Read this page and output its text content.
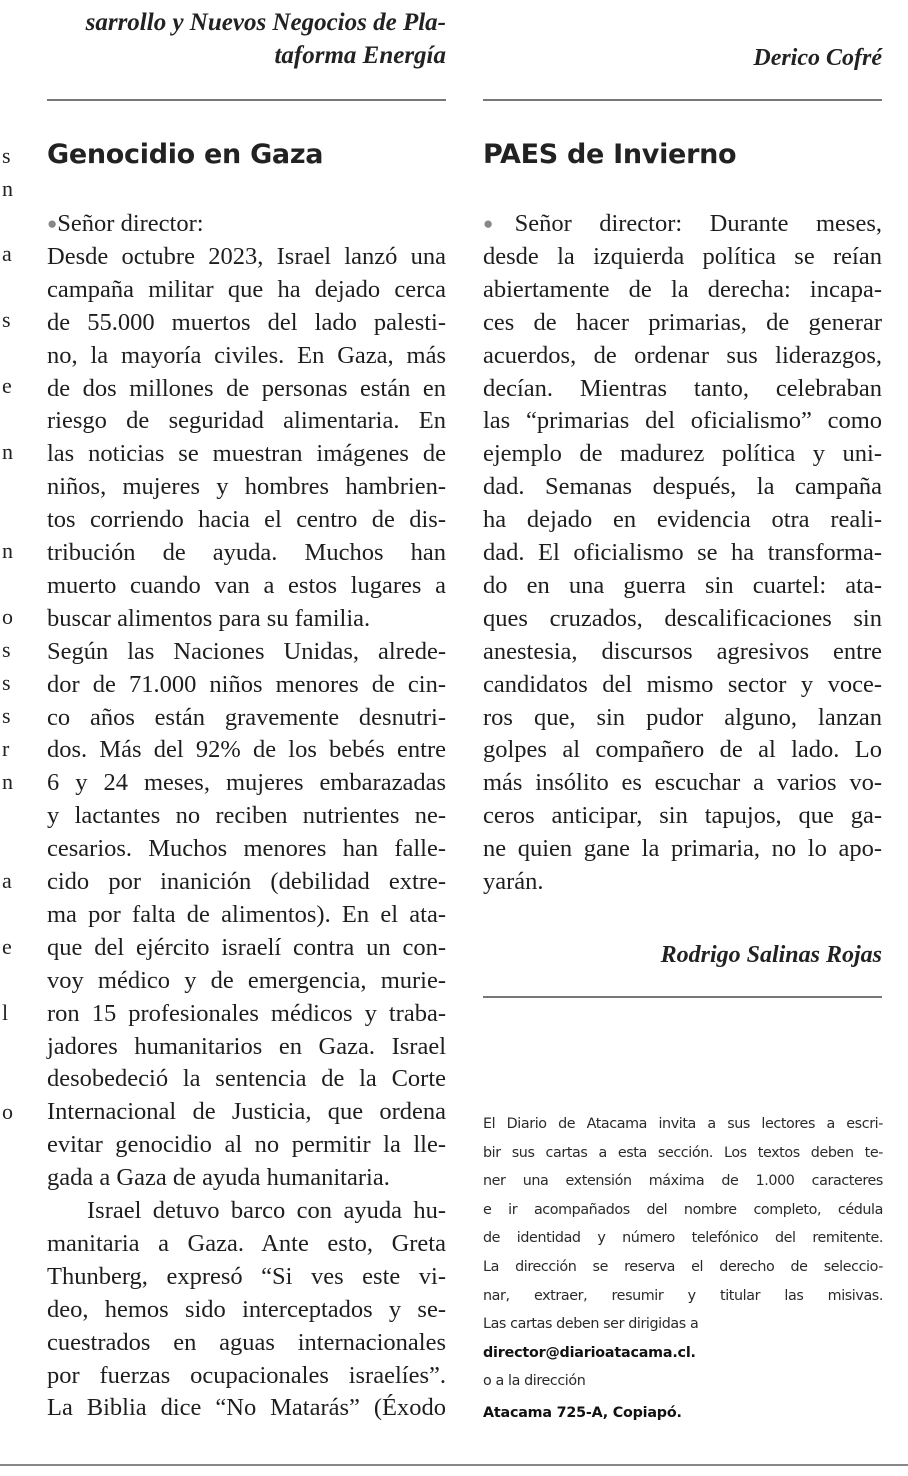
s
n
a
s
e
n
n
o
s
s
s
r
n
a
e
l
o

sarrollo y Nuevos Negocios de Pla-

taforma Energía

Genocidio en Gaza

●Señor director:

Desde octubre 2023, Israel lanzó una

campaña militar que ha dejado cerca

de 55.000 muertos del lado palesti-

no, la mayoría civiles. En Gaza, más

de dos millones de personas están en

riesgo de seguridad alimentaria. En

las noticias se muestran imágenes de

niños, mujeres y hombres hambrien-

tos corriendo hacia el centro de dis-

tribución de ayuda. Muchos han

muerto cuando van a estos lugares a

buscar alimentos para su familia.

Según las Naciones Unidas, alrede-

dor de 71.000 niños menores de cin-

co años están gravemente desnutri-

dos. Más del 92% de los bebés entre

6 y 24 meses, mujeres embarazadas

y lactantes no reciben nutrientes ne-

cesarios. Muchos menores han falle-

cido por inanición (debilidad extre-

ma por falta de alimentos). En el ata-

que del ejército israelí contra un con-

voy médico y de emergencia, murie-

ron 15 profesionales médicos y traba-

jadores humanitarios en Gaza. Israel

desobedeció la sentencia de la Corte

Internacional de Justicia, que ordena

evitar genocidio al no permitir la lle-

gada a Gaza de ayuda humanitaria.

Israel detuvo barco con ayuda hu-

manitaria a Gaza. Ante esto, Greta

Thunberg, expresó “Si ves este vi-

deo, hemos sido interceptados y se-

cuestrados en aguas internacionales

por fuerzas ocupacionales israelíes”.

La Biblia dice “No Matarás” (Éxodo

Derico Cofré

PAES de Invierno

●Señor director: Durante meses,

desde la izquierda política se reían

abiertamente de la derecha: incapa-

ces de hacer primarias, de generar

acuerdos, de ordenar sus liderazgos,

decían. Mientras tanto, celebraban

las “primarias del oficialismo” como

ejemplo de madurez política y uni-

dad. Semanas después, la campaña

ha dejado en evidencia otra reali-

dad. El oficialismo se ha transforma-

do en una guerra sin cuartel: ata-

ques cruzados, descalificaciones sin

anestesia, discursos agresivos entre

candidatos del mismo sector y voce-

ros que, sin pudor alguno, lanzan

golpes al compañero de al lado. Lo

más insólito es escuchar a varios vo-

ceros anticipar, sin tapujos, que ga-

ne quien gane la primaria, no lo apo-

yarán.

Rodrigo Salinas Rojas

El Diario de Atacama invita a sus lectores a escri-

bir sus cartas a esta sección. Los textos deben te-

ner una extensión máxima de 1.000 caracteres

e ir acompañados del nombre completo, cédula

de identidad y número telefónico del remitente.

La dirección se reserva el derecho de seleccio-

nar, extraer, resumir y titular las misivas.

Las cartas deben ser dirigidas a

director@diarioatacama.cl.

o a la dirección

Atacama 725-A, Copiapó.
